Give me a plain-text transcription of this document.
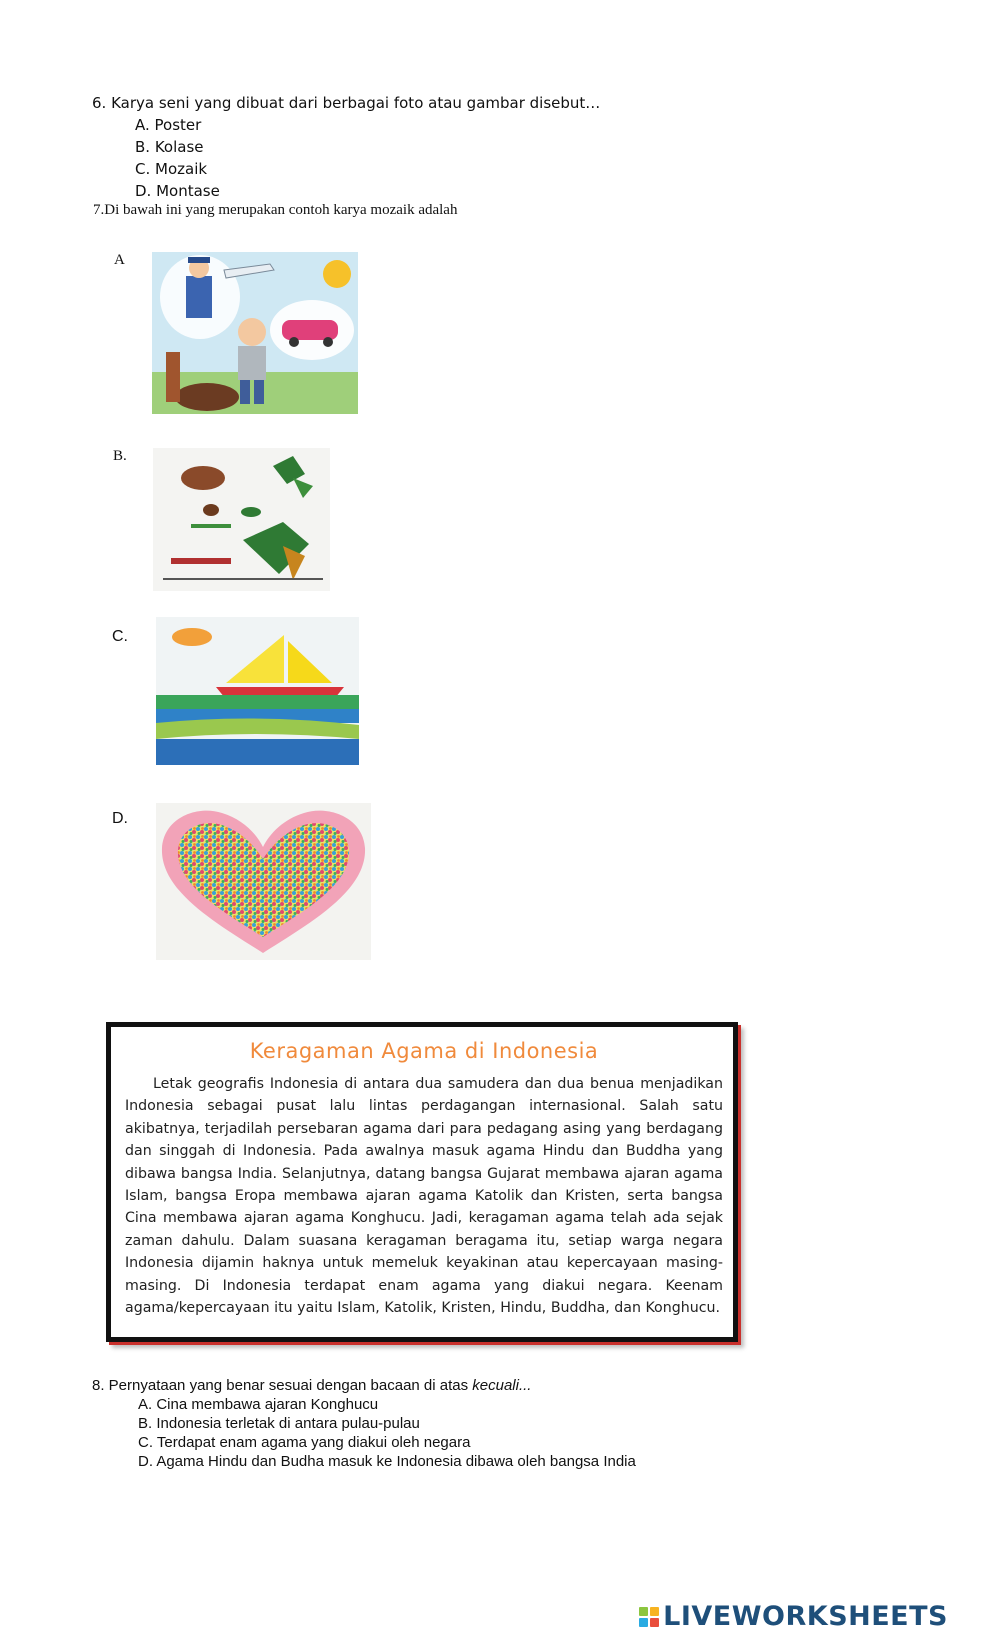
6. Karya seni yang dibuat dari berbagai foto atau gambar disebut…
A. Poster
B. Kolase
C. Mozaik
D. Montase
7.Di bawah ini yang merupakan contoh karya mozaik adalah
A
B.
C.
D.
Keragaman Agama di Indonesia

Letak geografis Indonesia di antara dua samudera dan dua benua menjadikan Indonesia sebagai pusat lalu lintas perdagangan internasional. Salah satu akibatnya, terjadilah persebaran agama dari para pedagang asing yang berdagang dan singgah di Indonesia. Pada awalnya masuk agama Hindu dan Buddha yang dibawa bangsa India. Selanjutnya, datang bangsa Gujarat membawa ajaran agama Islam, bangsa Eropa membawa ajaran agama Katolik dan Kristen, serta bangsa Cina membawa ajaran agama Konghucu. Jadi, keragaman agama telah ada sejak zaman dahulu. Dalam suasana keragaman beragama itu, setiap warga negara Indonesia dijamin haknya untuk memeluk keyakinan atau kepercayaan masing-masing. Di Indonesia terdapat enam agama yang diakui negara. Keenam agama/kepercayaan itu yaitu Islam, Katolik, Kristen, Hindu, Buddha, dan Konghucu.

8. Pernyataan yang benar sesuai dengan bacaan di atas kecuali...
A. Cina membawa ajaran Konghucu
B. Indonesia terletak di antara pulau-pulau
C. Terdapat enam agama yang diakui oleh negara
D. Agama Hindu dan Budha masuk ke Indonesia dibawa oleh bangsa India
LIVEWORKSHEETS
